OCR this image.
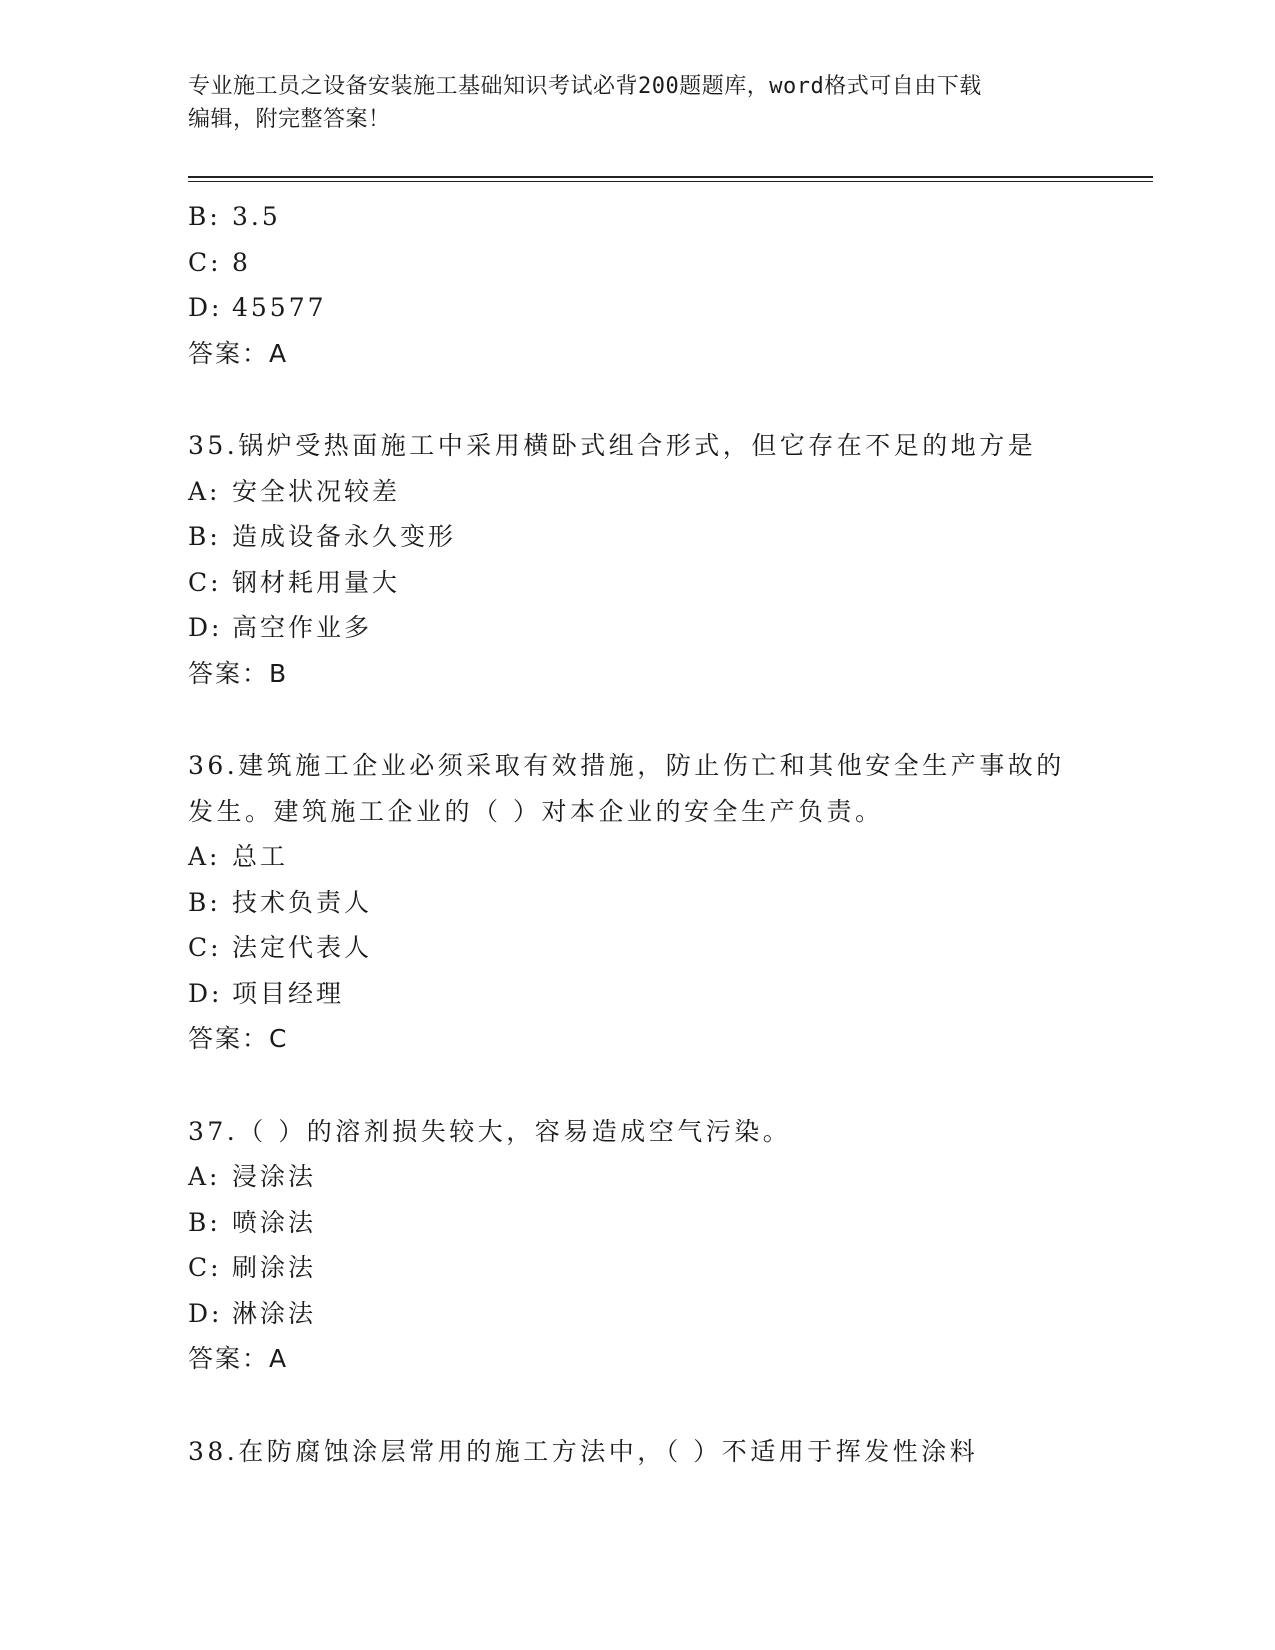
专业施工员之设备安装施工基础知识考试必背200题题库，word格式可自由下载
编辑，附完整答案！
B: 3.5
C: 8
D: 45577
答案：A
35.锅炉受热面施工中采用横卧式组合形式，但它存在不足的地方是
A: 安全状况较差
B: 造成设备永久变形
C: 钢材耗用量大
D: 高空作业多
答案：B
36.建筑施工企业必须采取有效措施，防止伤亡和其他安全生产事故的
发生。建筑施工企业的（ ）对本企业的安全生产负责。
A: 总工
B: 技术负责人
C: 法定代表人
D: 项目经理
答案：C
37.（ ）的溶剂损失较大，容易造成空气污染。
A: 浸涂法
B: 喷涂法
C: 刷涂法
D: 淋涂法
答案：A
38.在防腐蚀涂层常用的施工方法中，（ ）不适用于挥发性涂料
